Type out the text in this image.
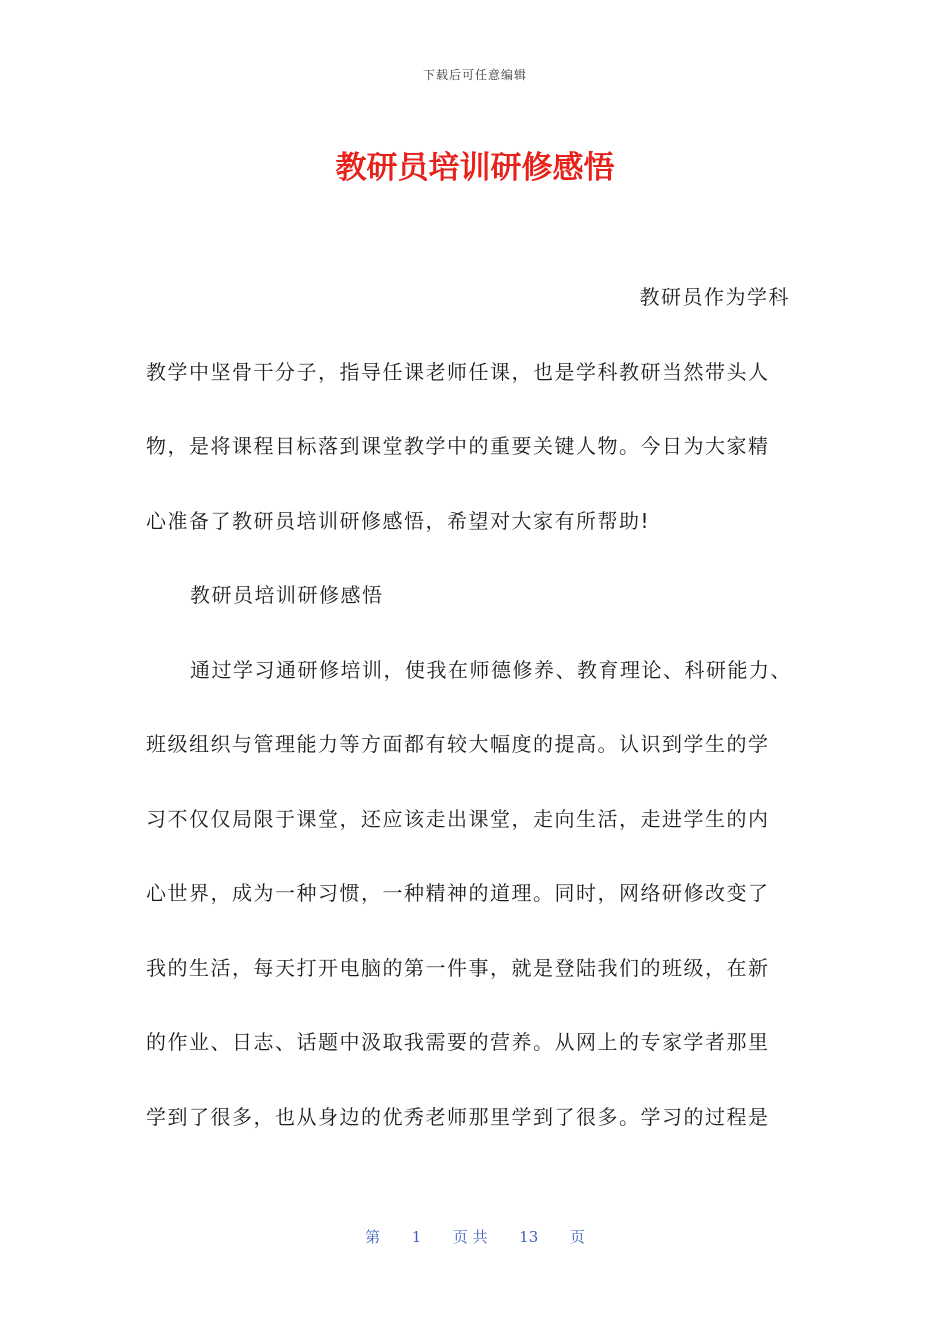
下载后可任意编辑
教研员培训研修感悟
教研员作为学科
教学中坚骨干分子，指导任课老师任课，也是学科教研当然带头人
物，是将课程目标落到课堂教学中的重要关键人物。今日为大家精
心准备了教研员培训研修感悟，希望对大家有所帮助!
教研员培训研修感悟
通过学习通研修培训，使我在师德修养、教育理论、科研能力、
班级组织与管理能力等方面都有较大幅度的提高。认识到学生的学
习不仅仅局限于课堂，还应该走出课堂，走向生活，走进学生的内
心世界，成为一种习惯，一种精神的道理。同时，网络研修改变了
我的生活，每天打开电脑的第一件事，就是登陆我们的班级，在新
的作业、日志、话题中汲取我需要的营养。从网上的专家学者那里
学到了很多，也从身边的优秀老师那里学到了很多。学习的过程是
第 1 页 共 13 页
